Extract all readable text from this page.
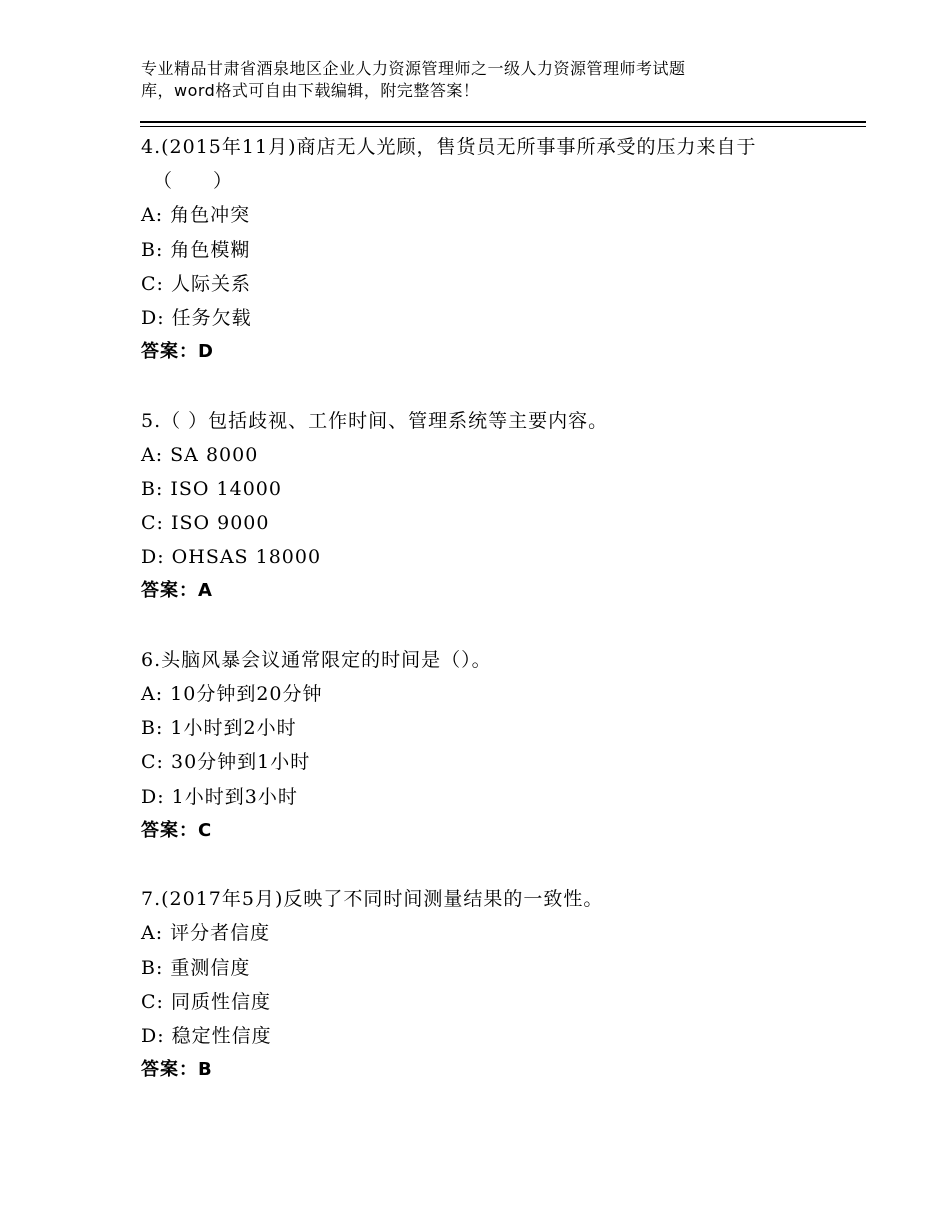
专业精品甘肃省酒泉地区企业人力资源管理师之一级人力资源管理师考试题
库，word格式可自由下载编辑，附完整答案！
4.(2015年11月)商店无人光顾，售货员无所事事所承受的压力来自于
（　　）
A: 角色冲突
B: 角色模糊
C: 人际关系
D: 任务欠载
答案：D
5.（ ）包括歧视、工作时间、管理系统等主要内容。
A: SA 8000
B: ISO 14000
C: ISO 9000
D: OHSAS 18000
答案：A
6.头脑风暴会议通常限定的时间是（）。
A: 10分钟到20分钟
B: 1小时到2小时
C: 30分钟到1小时
D: 1小时到3小时
答案：C
7.(2017年5月)反映了不同时间测量结果的一致性。
A: 评分者信度
B: 重测信度
C: 同质性信度
D: 稳定性信度
答案：B
